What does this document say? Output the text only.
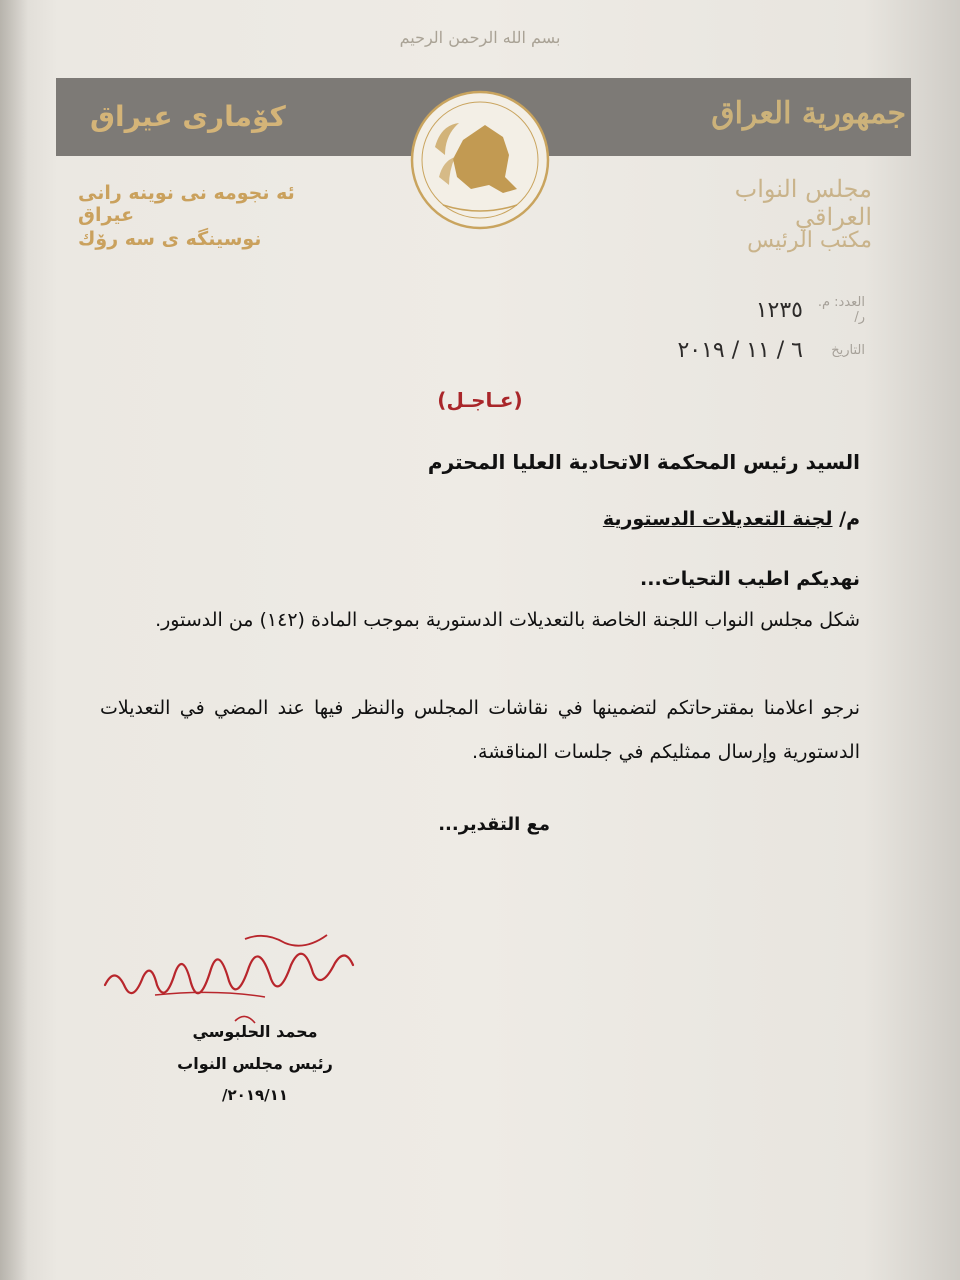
بسم الله الرحمن الرحيم
جمهورية العراق
كۆماری عیراق
مجلس النواب العراقي
مكتب الرئيس
ئه نجومه نی نوینه رانی عیراق
نوسینگه ی سه رۆك
العدد: م. ر/
١٢٣٥
التاريخ
٦ / ١١ / ٢٠١٩
(عـاجـل)
السيد رئيس المحكمة الاتحادية العليا المحترم
م/ لجنة التعديلات الدستورية
نهديكم اطيب التحيات...
شكل مجلس النواب اللجنة الخاصة بالتعديلات الدستورية بموجب المادة (١٤٢) من الدستور.
نرجو اعلامنا بمقترحاتكم لتضمينها في نقاشات المجلس والنظر فيها عند المضي في التعديلات الدستورية وإرسال ممثليكم في جلسات المناقشة.
مع التقدير...
محمد الحلبوسي
رئيس مجلس النواب
٢٠١٩/١١/
